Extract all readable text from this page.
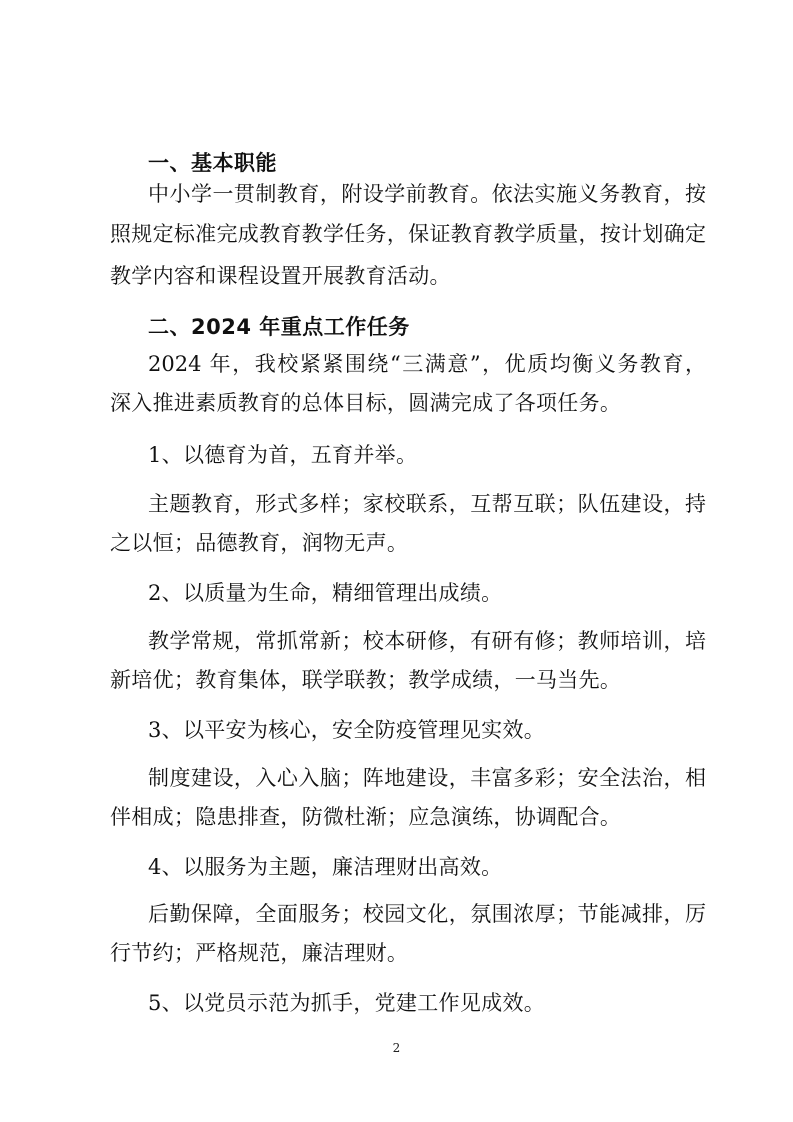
一、基本职能
中小学一贯制教育，附设学前教育。依法实施义务教育，按
照规定标准完成教育教学任务，保证教育教学质量，按计划确定
教学内容和课程设置开展教育活动。
二、2024 年重点工作任务
2024 年，我校紧紧围绕“三满意”，优质均衡义务教育，
深入推进素质教育的总体目标，圆满完成了各项任务。
1、以德育为首，五育并举。
主题教育，形式多样；家校联系，互帮互联；队伍建设，持
之以恒；品德教育，润物无声。
2、以质量为生命，精细管理出成绩。
教学常规，常抓常新；校本研修，有研有修；教师培训，培
新培优；教育集体，联学联教；教学成绩，一马当先。
3、以平安为核心，安全防疫管理见实效。
制度建设，入心入脑；阵地建设，丰富多彩；安全法治，相
伴相成；隐患排查，防微杜渐；应急演练，协调配合。
4、以服务为主题，廉洁理财出高效。
后勤保障，全面服务；校园文化，氛围浓厚；节能减排，厉
行节约；严格规范，廉洁理财。
5、以党员示范为抓手，党建工作见成效。
2
